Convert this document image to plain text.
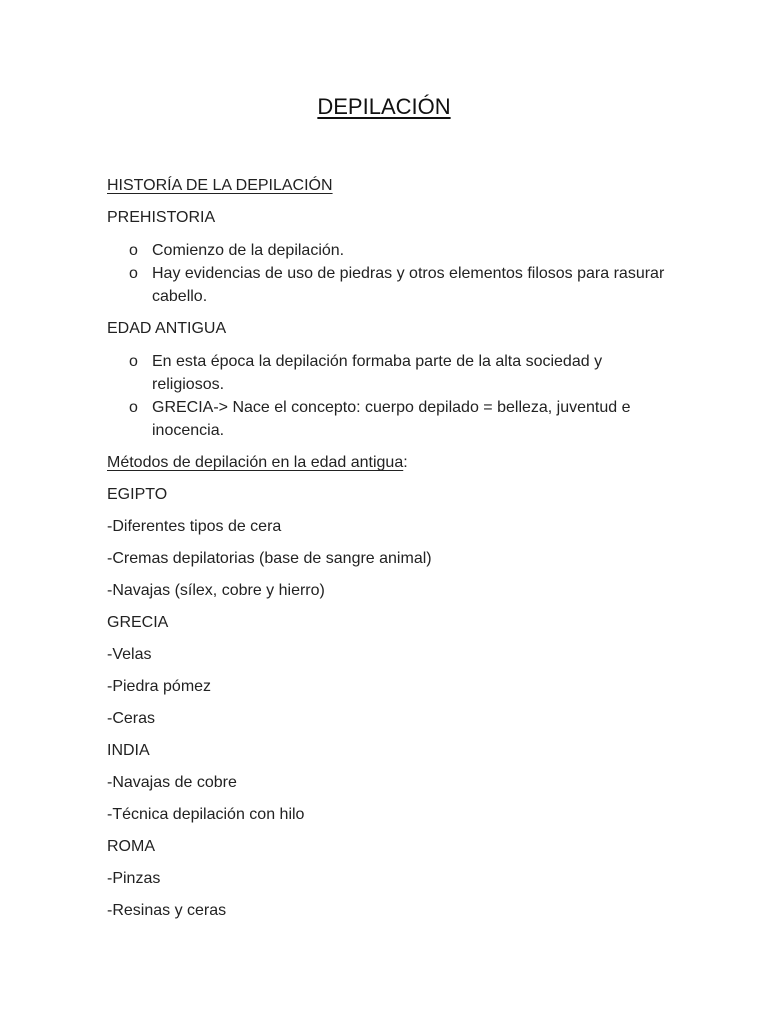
DEPILACIÓN

HISTORÍA DE LA DEPILACIÓN

PREHISTORIA

o Comienzo de la depilación.
o Hay evidencias de uso de piedras y otros elementos filosos para rasurar cabello.

EDAD ANTIGUA

o En esta época la depilación formaba parte de la alta sociedad y religiosos.
o GRECIA-> Nace el concepto: cuerpo depilado = belleza, juventud e inocencia.

Métodos de depilación en la edad antigua:

EGIPTO

-Diferentes tipos de cera

-Cremas depilatorias (base de sangre animal)

-Navajas (sílex, cobre y hierro)

GRECIA

-Velas

-Piedra pómez

-Ceras

INDIA

-Navajas de cobre

-Técnica depilación con hilo

ROMA

-Pinzas

-Resinas y ceras
